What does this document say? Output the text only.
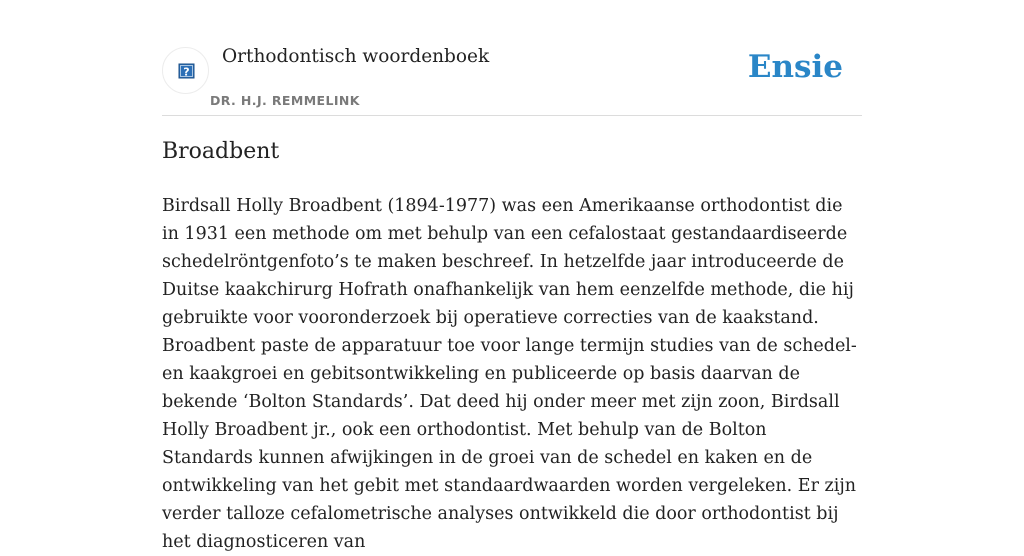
?
Orthodontisch woordenboek
DR. H.J. REMMELINK
Ensie
Broadbent

Birdsall Holly Broadbent (1894-1977) was een Amerikaanse orthodontist die in 1931 een methode om met behulp van een cefalostaat gestandaardiseerde schedelröntgenfoto’s te maken beschreef. In hetzelfde jaar introduceerde de Duitse kaakchirurg Hofrath onafhankelijk van hem eenzelfde methode, die hij gebruikte voor vooronderzoek bij operatieve correcties van de kaakstand. Broadbent paste de apparatuur toe voor lange termijn studies van de schedel- en kaakgroei en gebitsontwikkeling en publiceerde op basis daarvan de bekende ‘Bolton Standards’. Dat deed hij onder meer met zijn zoon, Birdsall Holly Broadbent jr., ook een orthodontist. Met behulp van de Bolton Standards kunnen afwijkingen in de groei van de schedel en kaken en de ontwikkeling van het gebit met standaardwaarden worden vergeleken. Er zijn verder talloze cefalometrische analyses ontwikkeld die door orthodontist bij het diagnosticeren van
